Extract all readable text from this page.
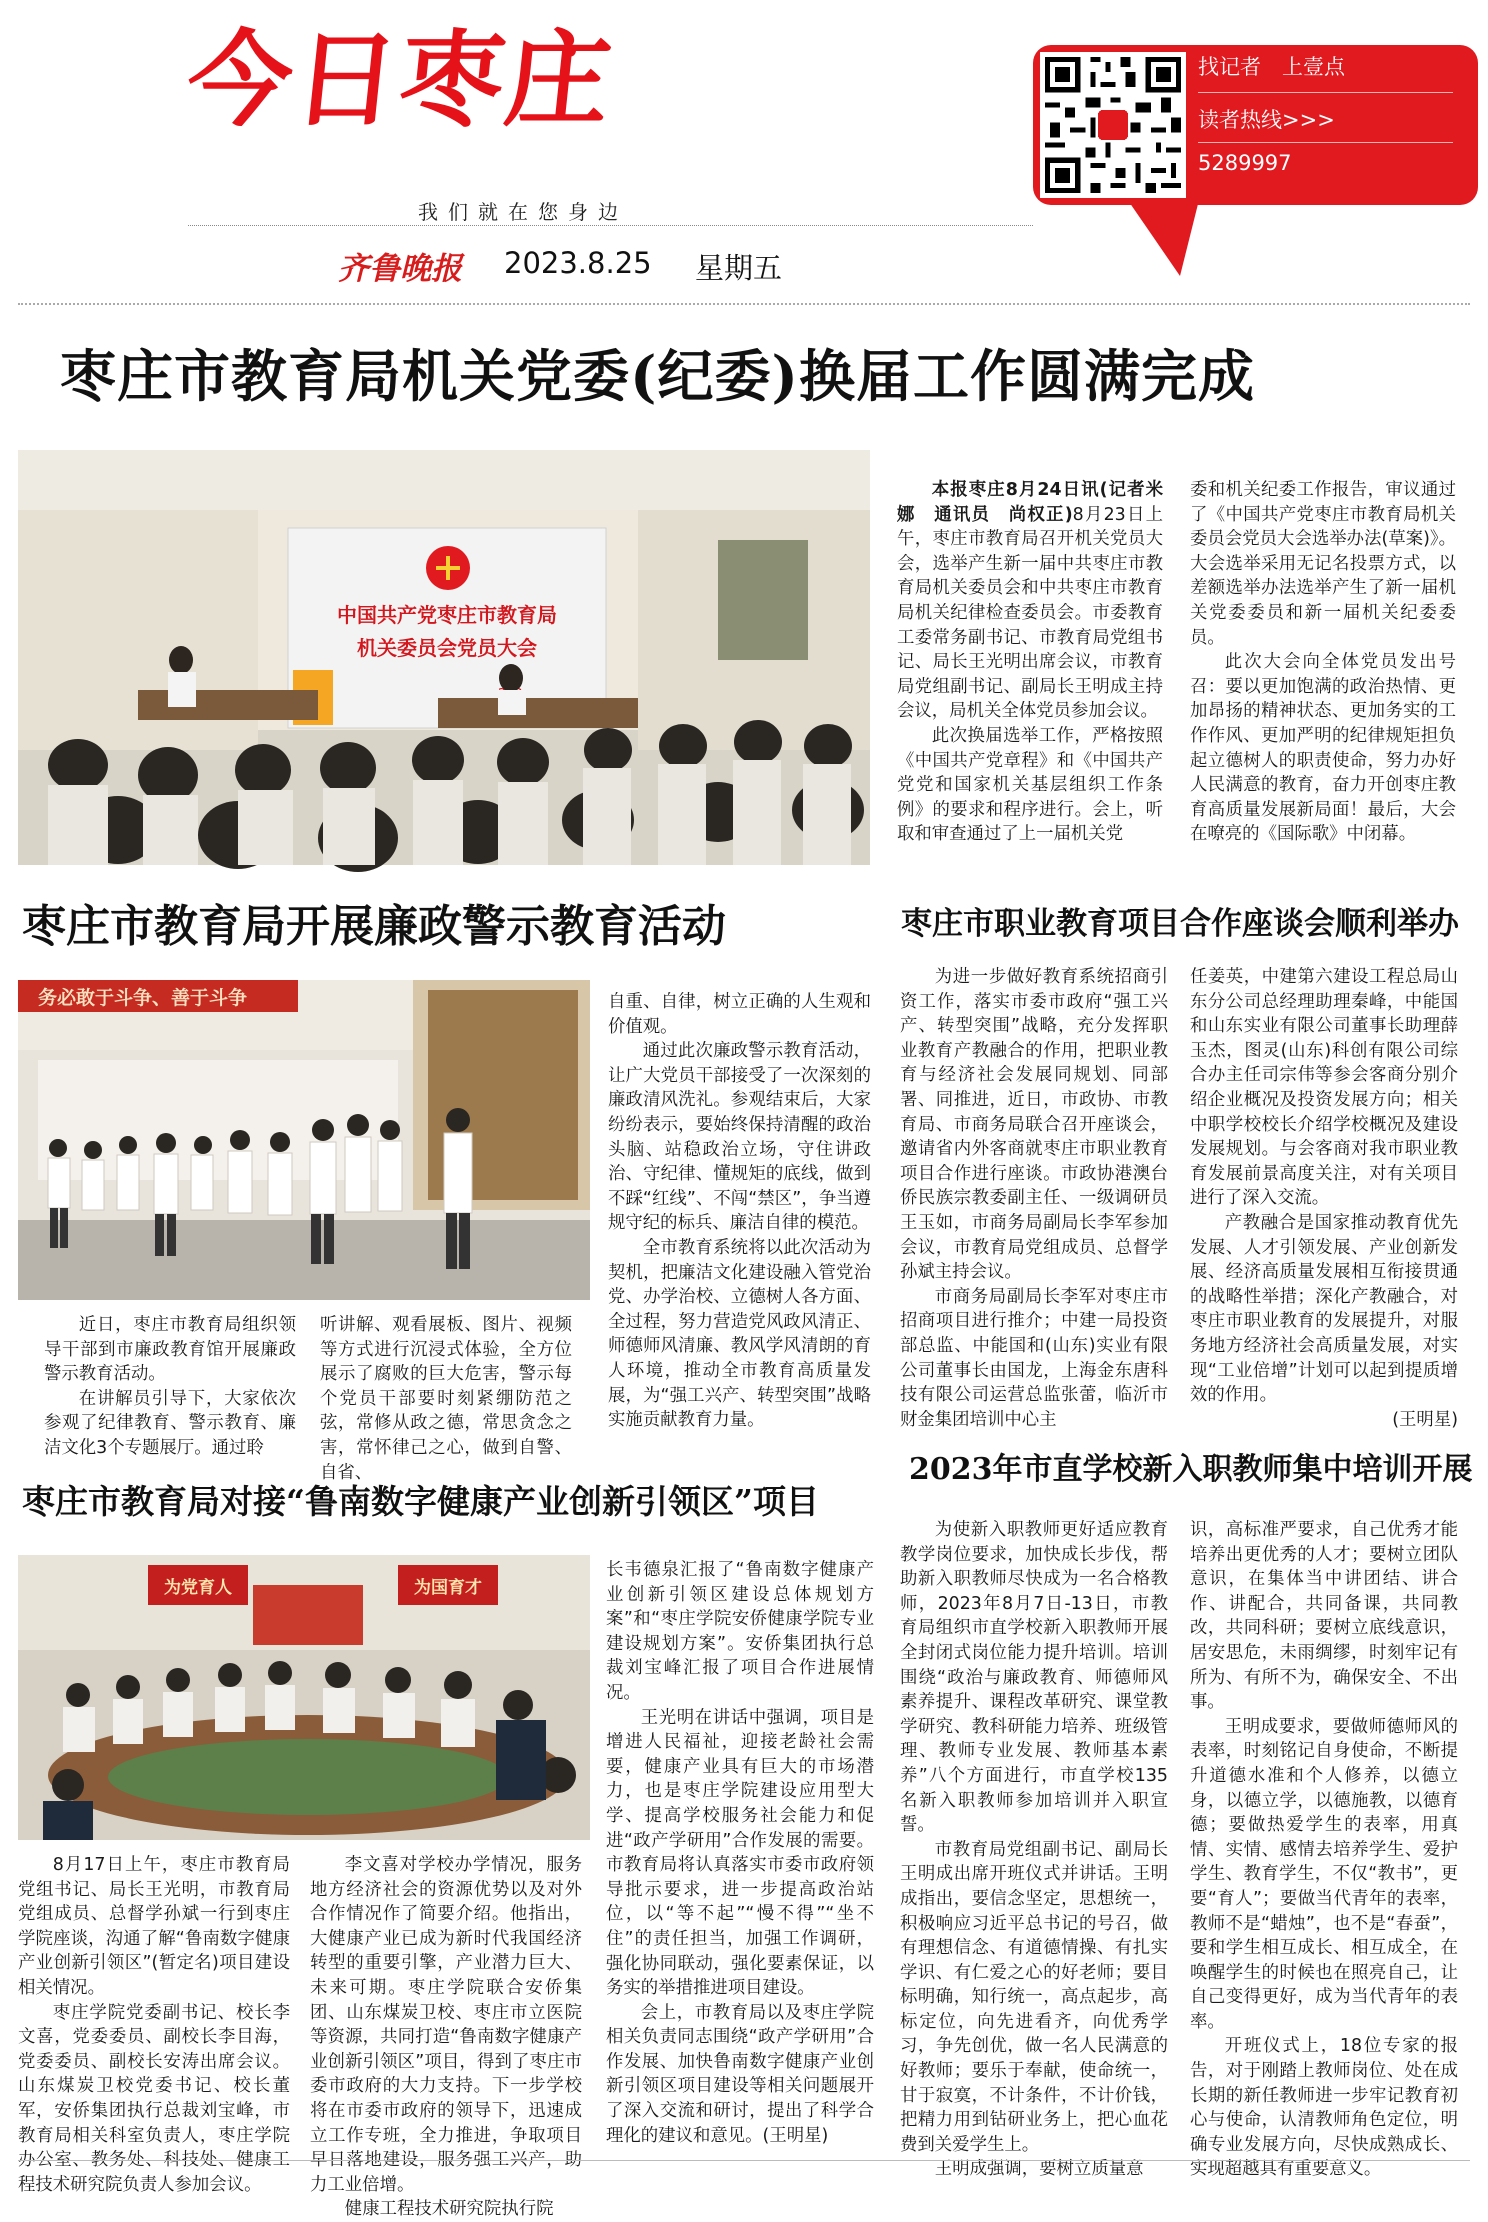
今日枣庄
我们就在您身边
齐鲁晚报 2023.8.25 星期五
找记者　上壹点
读者热线>>>
5289997
枣庄市教育局机关党委(纪委)换届工作圆满完成
中国共产党枣庄市教育局
机关委员会党员大会

本报枣庄8月24日讯(记者米娜　通讯员　尚权正)8月23日上午，枣庄市教育局召开机关党员大会，选举产生新一届中共枣庄市教育局机关委员会和中共枣庄市教育局机关纪律检查委员会。市委教育工委常务副书记、市教育局党组书记、局长王光明出席会议，市教育局党组副书记、副局长王明成主持会议，局机关全体党员参加会议。

此次换届选举工作，严格按照《中国共产党章程》和《中国共产党党和国家机关基层组织工作条例》的要求和程序进行。会上，听取和审查通过了上一届机关党

委和机关纪委工作报告，审议通过了《中国共产党枣庄市教育局机关委员会党员大会选举办法(草案)》。大会选举采用无记名投票方式，以差额选举办法选举产生了新一届机关党委委员和新一届机关纪委委员。

此次大会向全体党员发出号召：要以更加饱满的政治热情、更加昂扬的精神状态、更加务实的工作作风、更加严明的纪律规矩担负起立德树人的职责使命，努力办好人民满意的教育，奋力开创枣庄教育高质量发展新局面！最后，大会在嘹亮的《国际歌》中闭幕。

枣庄市教育局开展廉政警示教育活动
务必敢于斗争、善于斗争

近日，枣庄市教育局组织领导干部到市廉政教育馆开展廉政警示教育活动。

在讲解员引导下，大家依次参观了纪律教育、警示教育、廉洁文化3个专题展厅。通过聆

听讲解、观看展板、图片、视频等方式进行沉浸式体验，全方位展示了腐败的巨大危害，警示每个党员干部要时刻紧绷防范之弦，常修从政之德，常思贪念之害，常怀律己之心，做到自警、自省、

自重、自律，树立正确的人生观和价值观。

通过此次廉政警示教育活动，让广大党员干部接受了一次深刻的廉政清风洗礼。参观结束后，大家纷纷表示，要始终保持清醒的政治头脑、站稳政治立场，守住讲政治、守纪律、懂规矩的底线，做到不踩“红线”、不闯“禁区”，争当遵规守纪的标兵、廉洁自律的模范。

全市教育系统将以此次活动为契机，把廉洁文化建设融入管党治党、办学治校、立德树人各方面、全过程，努力营造党风政风清正、师德师风清廉、教风学风清朗的育人环境，推动全市教育高质量发展，为“强工兴产、转型突围”战略实施贡献教育力量。

枣庄市职业教育项目合作座谈会顺利举办

为进一步做好教育系统招商引资工作，落实市委市政府“强工兴产、转型突围”战略，充分发挥职业教育产教融合的作用，把职业教育与经济社会发展同规划、同部署、同推进，近日，市政协、市教育局、市商务局联合召开座谈会，邀请省内外客商就枣庄市职业教育项目合作进行座谈。市政协港澳台侨民族宗教委副主任、一级调研员王玉如，市商务局副局长李军参加会议，市教育局党组成员、总督学孙斌主持会议。

市商务局副局长李军对枣庄市招商项目进行推介；中建一局投资部总监、中能国和(山东)实业有限公司董事长由国龙，上海金东唐科技有限公司运营总监张蕾，临沂市财金集团培训中心主

任姜英，中建第六建设工程总局山东分公司总经理助理秦峰，中能国和山东实业有限公司董事长助理薛玉杰，图灵(山东)科创有限公司综合办主任司宗伟等参会客商分别介绍企业概况及投资发展方向；相关中职学校校长介绍学校概况及建设发展规划。与会客商对我市职业教育发展前景高度关注，对有关项目进行了深入交流。

产教融合是国家推动教育优先发展、人才引领发展、产业创新发展、经济高质量发展相互衔接贯通的战略性举措；深化产教融合，对枣庄市职业教育的发展提升，对服务地方经济社会高质量发展，对实现“工业倍增”计划可以起到提质增效的作用。

(王明星)

2023年市直学校新入职教师集中培训开展

为使新入职教师更好适应教育教学岗位要求，加快成长步伐，帮助新入职教师尽快成为一名合格教师，2023年8月7日-13日，市教育局组织市直学校新入职教师开展全封闭式岗位能力提升培训。培训围绕“政治与廉政教育、师德师风素养提升、课程改革研究、课堂教学研究、教科研能力培养、班级管理、教师专业发展、教师基本素养”八个方面进行，市直学校135名新入职教师参加培训并入职宣誓。

市教育局党组副书记、副局长王明成出席开班仪式并讲话。王明成指出，要信念坚定，思想统一，积极响应习近平总书记的号召，做有理想信念、有道德情操、有扎实学识、有仁爱之心的好老师；要目标明确，知行统一，高点起步，高标定位，向先进看齐，向优秀学习，争先创优，做一名人民满意的好教师；要乐于奉献，使命统一，甘于寂寞，不计条件，不计价钱，把精力用到钻研业务上，把心血花费到关爱学生上。

王明成强调，要树立质量意

识，高标准严要求，自己优秀才能培养出更优秀的人才；要树立团队意识，在集体当中讲团结、讲合作、讲配合，共同备课，共同教改，共同科研；要树立底线意识，居安思危，未雨绸缪，时刻牢记有所为、有所不为，确保安全、不出事。

王明成要求，要做师德师风的表率，时刻铭记自身使命，不断提升道德水准和个人修养，以德立身，以德立学，以德施教，以德育德；要做热爱学生的表率，用真情、实情、感情去培养学生、爱护学生、教育学生，不仅“教书”，更要“育人”；要做当代青年的表率，教师不是“蜡烛”，也不是“春蚕”，要和学生相互成长、相互成全，在唤醒学生的时候也在照亮自己，让自己变得更好，成为当代青年的表率。

开班仪式上，18位专家的报告，对于刚踏上教师岗位、处在成长期的新任教师进一步牢记教育初心与使命，认清教师角色定位，明确专业发展方向，尽快成熟成长、实现超越具有重要意义。

枣庄市教育局对接“鲁南数字健康产业创新引领区”项目
为党育人	为国育才

8月17日上午，枣庄市教育局党组书记、局长王光明，市教育局党组成员、总督学孙斌一行到枣庄学院座谈，沟通了解“鲁南数字健康产业创新引领区”(暂定名)项目建设相关情况。

枣庄学院党委副书记、校长李文喜，党委委员、副校长李目海，党委委员、副校长安涛出席会议。山东煤炭卫校党委书记、校长董军，安侨集团执行总裁刘宝峰，市教育局相关科室负责人，枣庄学院办公室、教务处、科技处、健康工程技术研究院负责人参加会议。

李文喜对学校办学情况，服务地方经济社会的资源优势以及对外合作情况作了简要介绍。他指出，大健康产业已成为新时代我国经济转型的重要引擎，产业潜力巨大、未来可期。枣庄学院联合安侨集团、山东煤炭卫校、枣庄市立医院等资源，共同打造“鲁南数字健康产业创新引领区”项目，得到了枣庄市委市政府的大力支持。下一步学校将在市委市政府的领导下，迅速成立工作专班，全力推进，争取项目早日落地建设，服务强工兴产，助力工业倍增。

健康工程技术研究院执行院

长韦德泉汇报了“鲁南数字健康产业创新引领区建设总体规划方案”和“枣庄学院安侨健康学院专业建设规划方案”。安侨集团执行总裁刘宝峰汇报了项目合作进展情况。

王光明在讲话中强调，项目是增进人民福祉，迎接老龄社会需要，健康产业具有巨大的市场潜力，也是枣庄学院建设应用型大学、提高学校服务社会能力和促进“政产学研用”合作发展的需要。市教育局将认真落实市委市政府领导批示要求，进一步提高政治站位，以“等不起”“慢不得”“坐不住”的责任担当，加强工作调研，强化协同联动，强化要素保证，以务实的举措推进项目建设。

会上，市教育局以及枣庄学院相关负责同志围绕“政产学研用”合作发展、加快鲁南数字健康产业创新引领区项目建设等相关问题展开了深入交流和研讨，提出了科学合理化的建议和意见。(王明星)
